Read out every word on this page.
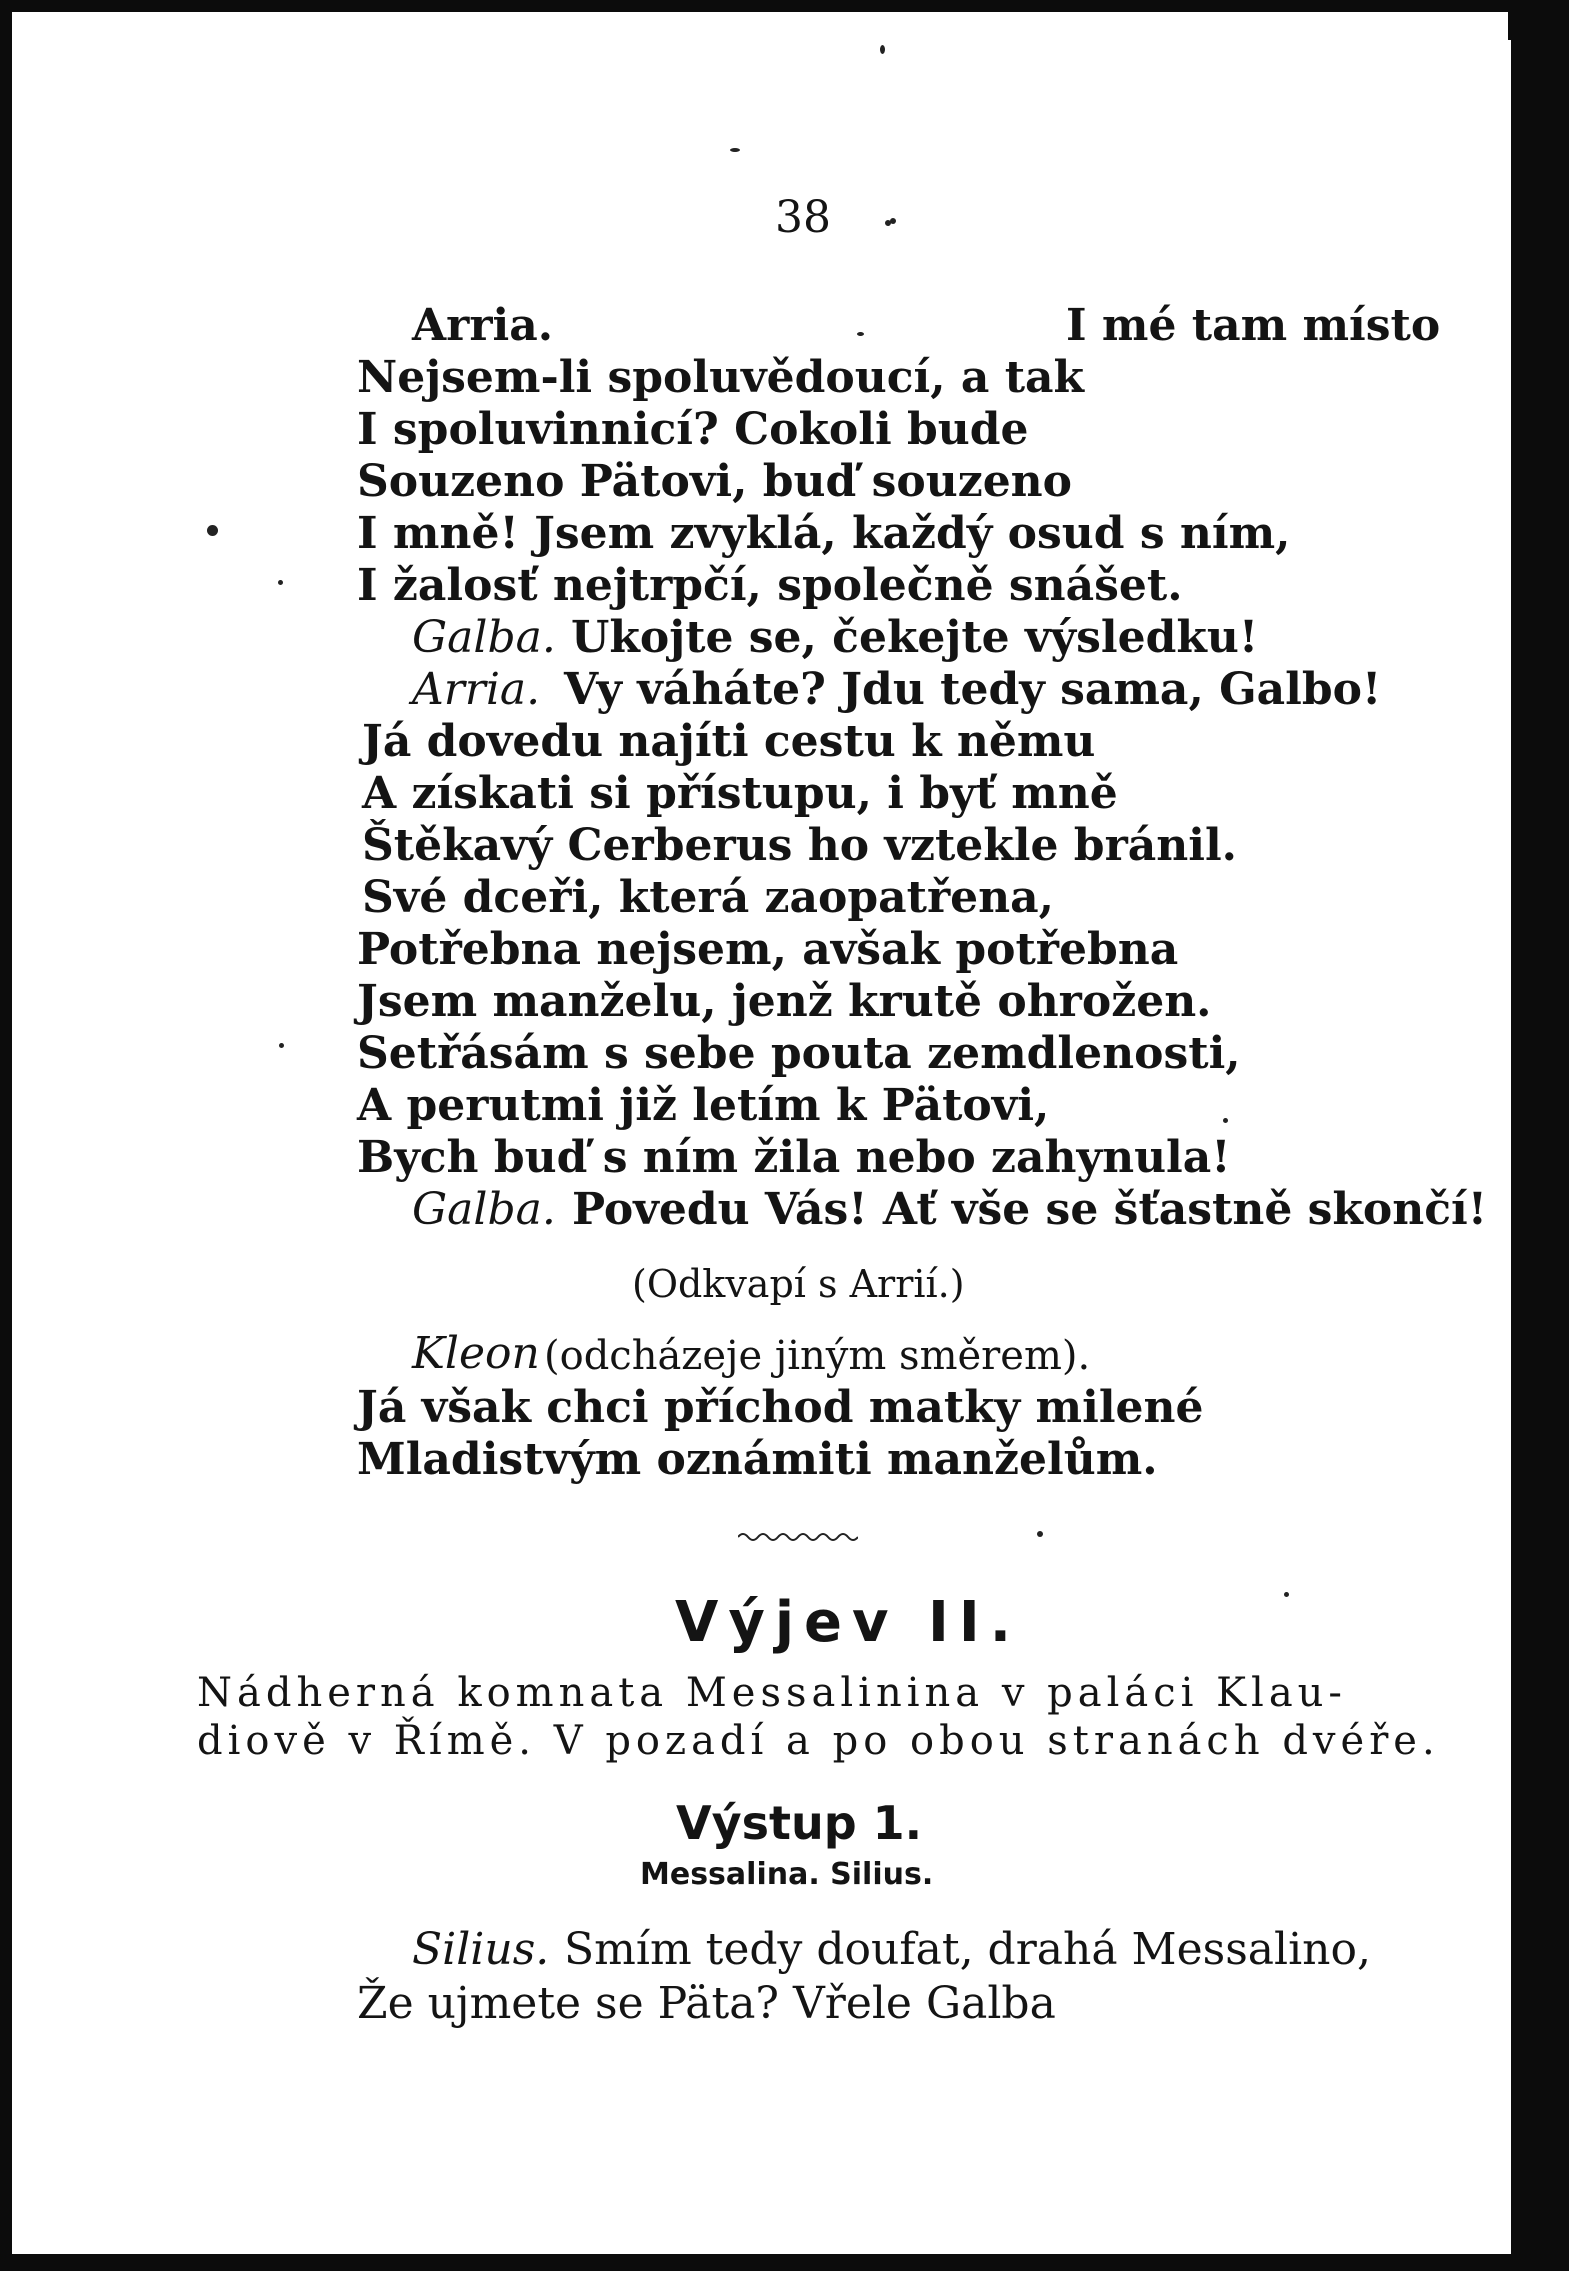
38
Arria.	I mé tam místo
Nejsem-li spoluvědoucí, a tak
I spoluvinnicí? Cokoli bude
Souzeno Pätovi, buď souzeno
I mně! Jsem zvyklá, každý osud s ním,
I žalosť nejtrpčí, společně snášet.
Galba. Ukojte se, čekejte výsledku!
Arria. Vy váháte? Jdu tedy sama, Galbo!
Já dovedu najíti cestu k němu
A získati si přístupu, i byť mně
Štěkavý Cerberus ho vztekle bránil.
Své dceři, která zaopatřena,
Potřebna nejsem, avšak potřebna
Jsem manželu, jenž krutě ohrožen.
Setřásám s sebe pouta zemdlenosti,
A perutmi již letím k Pätovi,
Bych buď s ním žila nebo zahynula!
Galba. Povedu Vás! Ať vše se šťastně skončí!
(Odkvapí s Arrií.)
Kleon (odcházeje jiným směrem).
Já však chci příchod matky milené
Mladistvým oznámiti manželům.
Výjev II.
Nádherná komnata Messalinina v paláci Klau-
diově v Římě. V pozadí a po obou stranách dvéře.
Výstup 1.
Messalina. Silius.
Silius. Smím tedy doufat, drahá Messalino,
Že ujmete se Päta? Vřele Galba
